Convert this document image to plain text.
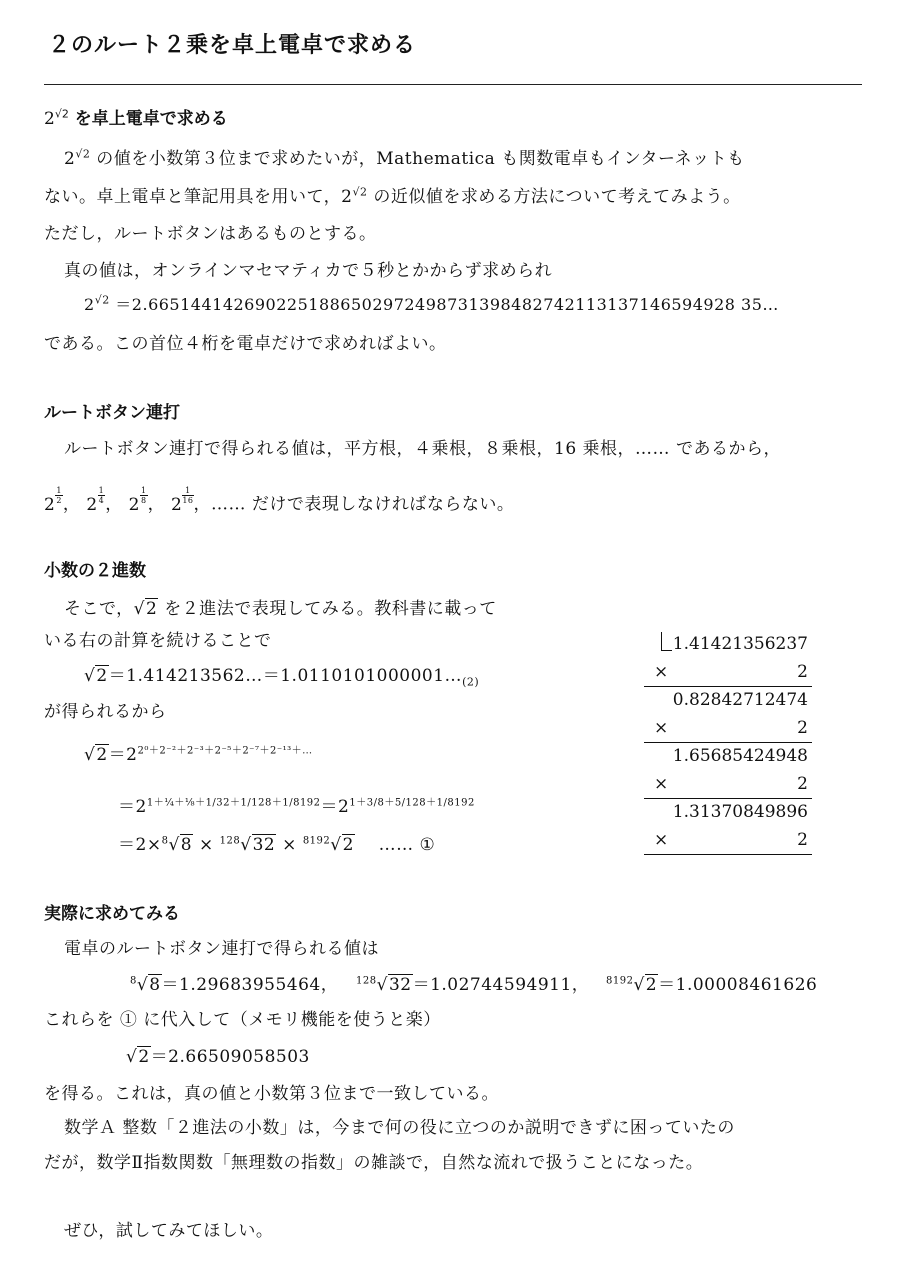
２のルート２乗を卓上電卓で求める
$2^{√2}$ を卓上電卓で求める
$2^{√2}$ の値を小数第３位まで求めたいが，Mathematica も関数電卓もインターネットも
ない。卓上電卓と筆記用具を用いて，$2^{√2}$ の近似値を求める方法について考えてみよう。
ただし，ルートボタンはあるものとする。
真の値は，オンラインマセマティカで５秒とかからず求められ
$2^{√2} =2.6651441426902251886502972498731398482742113137146594928$ 35…
である。この首位４桁を電卓だけで求めればよい。
ルートボタン連打
ルートボタン連打で得られる値は，平方根，４乗根，８乗根，16 乗根，…… であるから，
$2 \frac{1}{2}$ ， $2 \frac{1}{4}$ ， $2 \frac{1}{8}$ ， $2 \frac{1}{16}$ ，…… だけで表現しなければならない。
小数の２進数
そこで，√2 を２進法で表現してみる。教科書に載って
いる右の計算を続けることで
$√2=1.414213562\dots=1.0110101000001\dots_{(2)}$
が得られるから
$√2=2^{2^0+2^{-2}+2^{-3}+2^{-5}+2^{-7}+2^{-13}+\dots}$
$=2^{1+\frac{1}{4}+\frac{1}{8}+1/32+1/128+1/8192}=2^{1+3/8+5/128+1/8192}$
＝2×$^8$√8 × $^{128}$√32 × $^{8192}$√2 …… ①
1.41421356237
×	2
0.82842712474
×	2
1.65685424948
×	2
1.31370849896
×	2
実際に求めてみる
電卓のルートボタン連打で得られる値は
$^8$√8＝1.29683955464， $^{128}$√32＝1.02744594911， $^{8192}$√2＝1.00008461626
これらを ① に代入して（メモリ機能を使うと楽）
√2＝2.66509058503
を得る。これは，真の値と小数第３位まで一致している。
数学Ａ 整数「２進法の小数」は，今まで何の役に立つのか説明できずに困っていたの
だが，数学Ⅱ指数関数「無理数の指数」の雑談で，自然な流れで扱うことになった。
ぜひ，試してみてほしい。
